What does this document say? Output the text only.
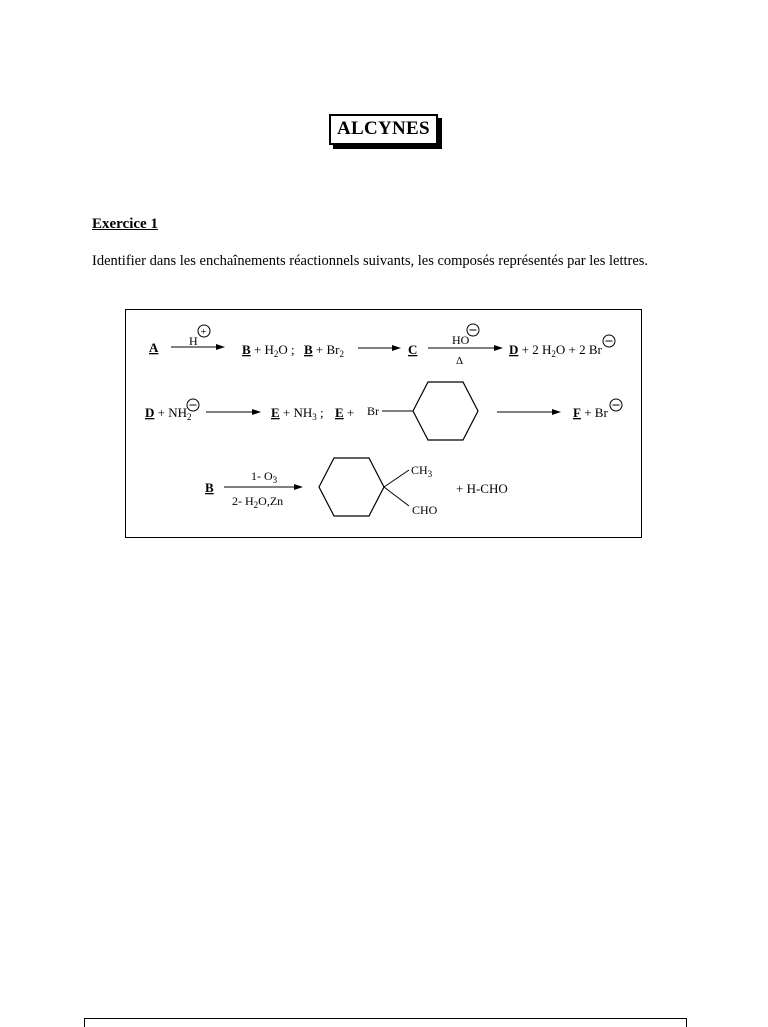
ALCYNES
Exercice 1
Identifier dans les enchaînements réactionnels suivants, les composés représentés par les lettres.
A	H
+
$B + H_2O$ ; $B + Br_2$	C
HO
Δ
D + 2 $H_2O + 2$ Br
$D + NH_2$	$E + NH_3$ ; E + Br	F + Br
B
1- $O_3$
2- $H_2O,Zn$
$CH_3$
CHO
+ H-CHO
